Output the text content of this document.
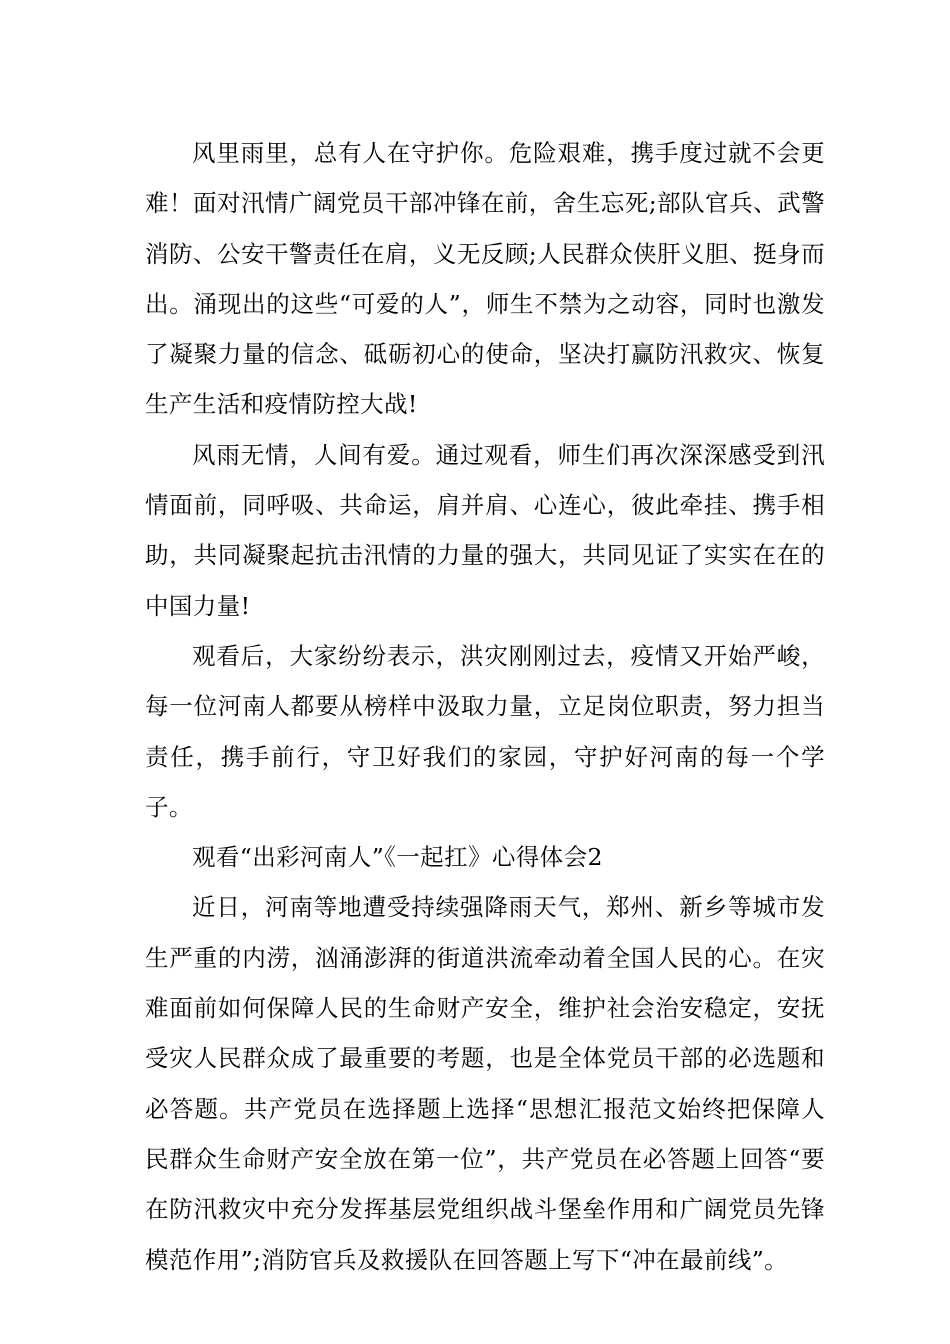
风里雨里，总有人在守护你。危险艰难，携手度过就不会更难！面对汛情广阔党员干部冲锋在前，舍生忘死;部队官兵、武警消防、公安干警责任在肩，义无反顾;人民群众侠肝义胆、挺身而出。涌现出的这些“可爱的人”，师生不禁为之动容，同时也激发了凝聚力量的信念、砥砺初心的使命，坚决打赢防汛救灾、恢复生产生活和疫情防控大战!

风雨无情，人间有爱。通过观看，师生们再次深深感受到汛情面前，同呼吸、共命运，肩并肩、心连心，彼此牵挂、携手相助，共同凝聚起抗击汛情的力量的强大，共同见证了实实在在的中国力量!

观看后，大家纷纷表示，洪灾刚刚过去，疫情又开始严峻，每一位河南人都要从榜样中汲取力量，立足岗位职责，努力担当责任，携手前行，守卫好我们的家园，守护好河南的每一个学子。

观看“出彩河南人”《一起扛》心得体会2

近日，河南等地遭受持续强降雨天气，郑州、新乡等城市发生严重的内涝，汹涌澎湃的街道洪流牵动着全国人民的心。在灾难面前如何保障人民的生命财产安全，维护社会治安稳定，安抚受灾人民群众成了最重要的考题，也是全体党员干部的必选题和必答题。共产党员在选择题上选择“思想汇报范文始终把保障人民群众生命财产安全放在第一位”，共产党员在必答题上回答“要在防汛救灾中充分发挥基层党组织战斗堡垒作用和广阔党员先锋模范作用”;消防官兵及救援队在回答题上写下“冲在最前线”。
